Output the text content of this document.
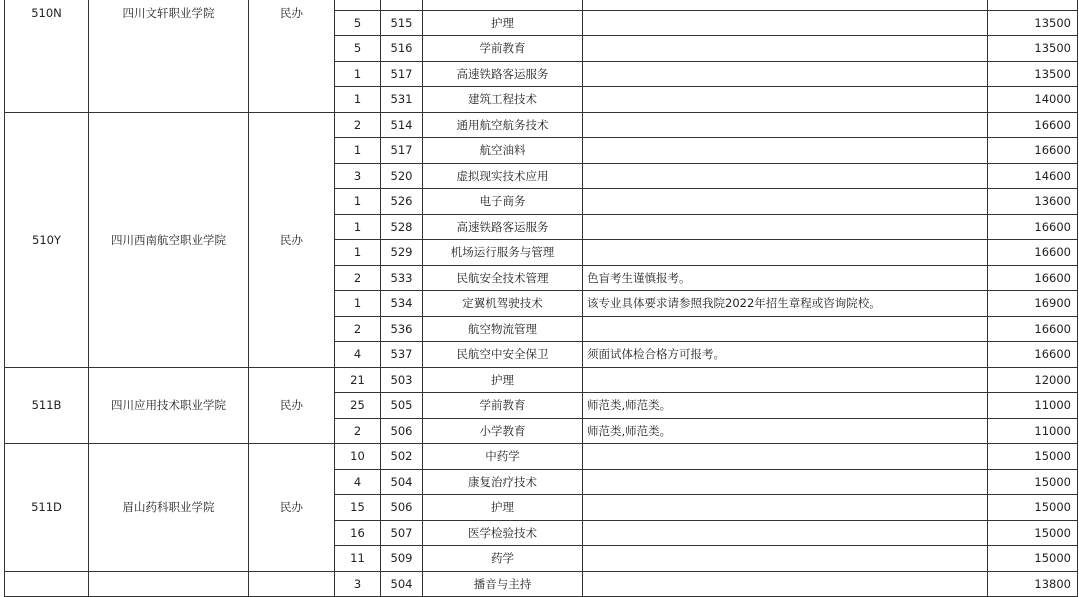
510N	四川文轩职业学院	民办					
			5	515	护理		13500
			5	516	学前教育		13500
			1	517	高速铁路客运服务		13500
			1	531	建筑工程技术		14000
510Y	四川西南航空职业学院	民办	2	514	通用航空航务技术		16600
			1	517	航空油料		16600
			3	520	虚拟现实技术应用		14600
			1	526	电子商务		13600
			1	528	高速铁路客运服务		16600
			1	529	机场运行服务与管理		16600
			2	533	民航安全技术管理	色盲考生谨慎报考。	16600
			1	534	定翼机驾驶技术	该专业具体要求请参照我院2022年招生章程或咨询院校。	16900
			2	536	航空物流管理		16600
			4	537	民航空中安全保卫	须面试体检合格方可报考。	16600
511B	四川应用技术职业学院	民办	21	503	护理		12000
			25	505	学前教育	师范类,师范类。	11000
			2	506	小学教育	师范类,师范类。	11000
511D	眉山药科职业学院	民办	10	502	中药学		15000
			4	504	康复治疗技术		15000
			15	506	护理		15000
			16	507	医学检验技术		15000
			11	509	药学		15000
			3	504	播音与主持		13800
